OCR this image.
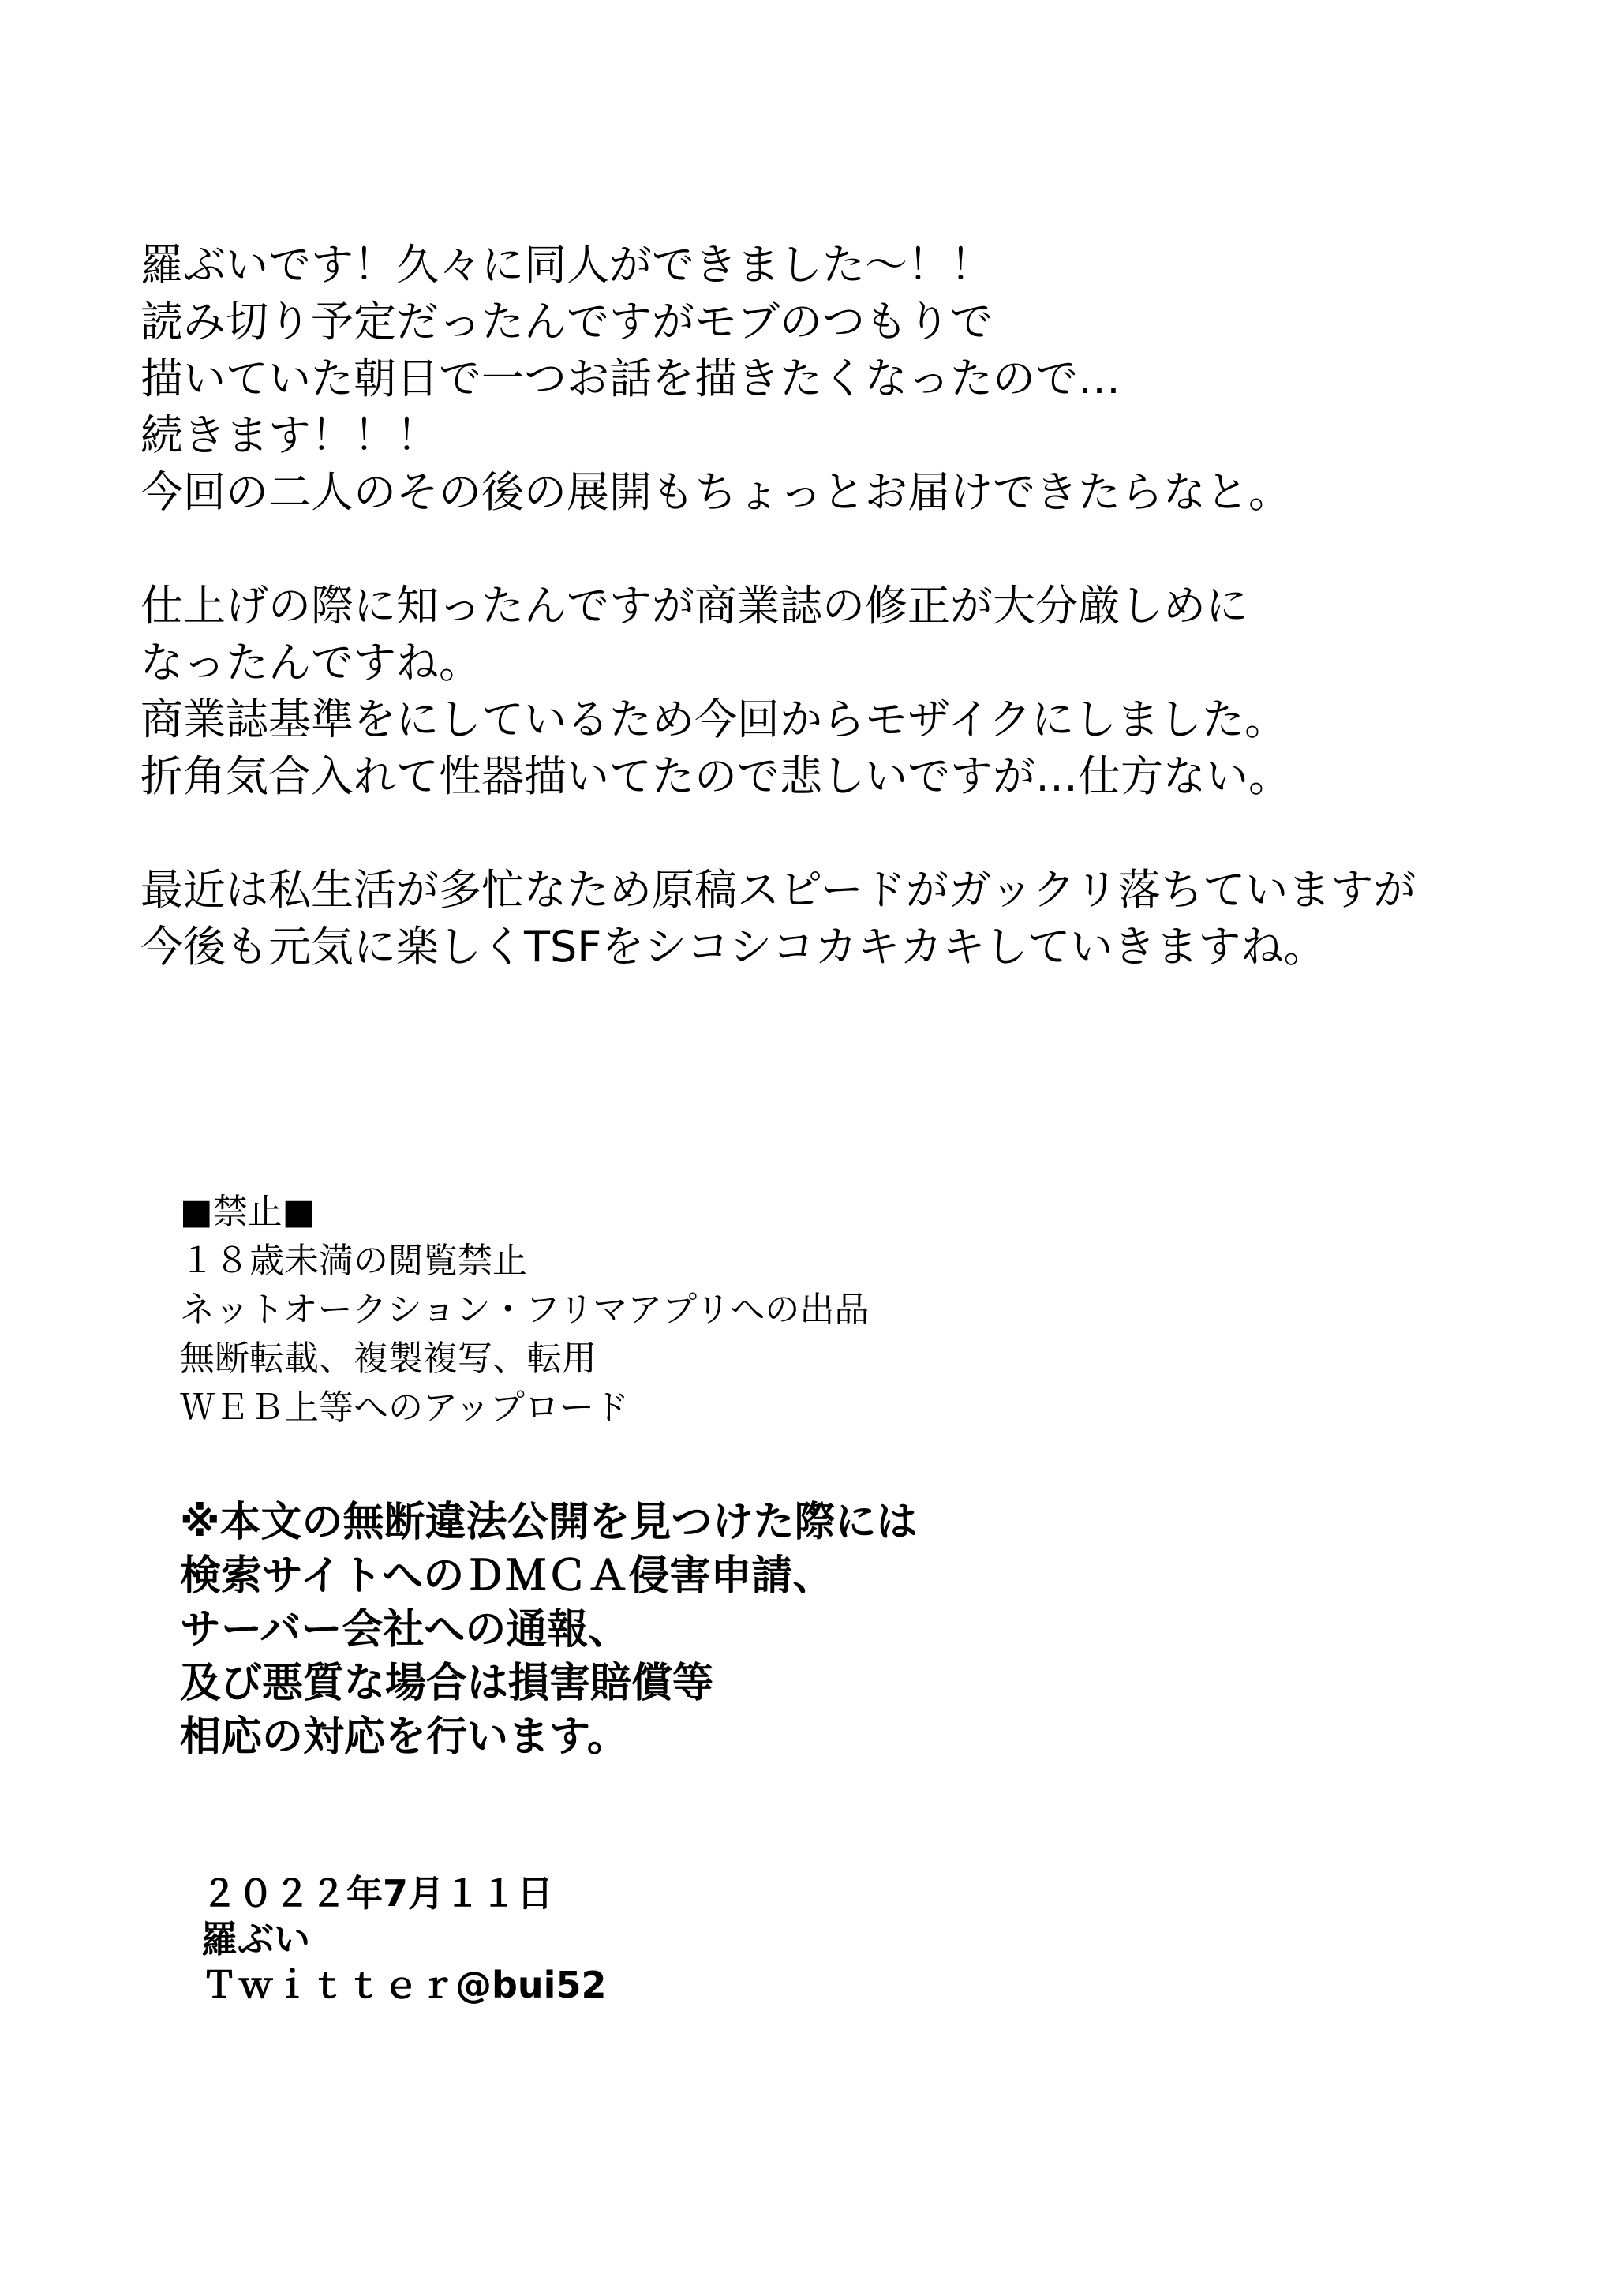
羅ぶいです！久々に同人ができました～！！
読み切り予定だったんですがモブのつもりで
描いていた朝日で一つお話を描きたくなったので…
続きます！！！
今回の二人のその後の展開もちょっとお届けできたらなと。
仕上げの際に知ったんですが商業誌の修正が大分厳しめに
なったんですね。
商業誌基準をにしているため今回からモザイクにしました。
折角気合入れて性器描いてたので悲しいですが…仕方ない。
最近は私生活が多忙なため原稿スピードがガックリ落ちていますが
今後も元気に楽しくTSFをシコシコカキカキしていきますね。
■禁止■
１８歳未満の閲覧禁止
ネットオークション・フリマアプリへの出品
無断転載、複製複写、転用
ＷＥＢ上等へのアップロード
※本文の無断違法公開を見つけた際には
検索サイトへのＤＭＣＡ侵害申請、
サーバー会社への通報、
及び悪質な場合は損害賠償等
相応の対応を行います。
２０２２年7月１１日
羅ぶい
Ｔｗｉｔｔｅｒ@bui52
